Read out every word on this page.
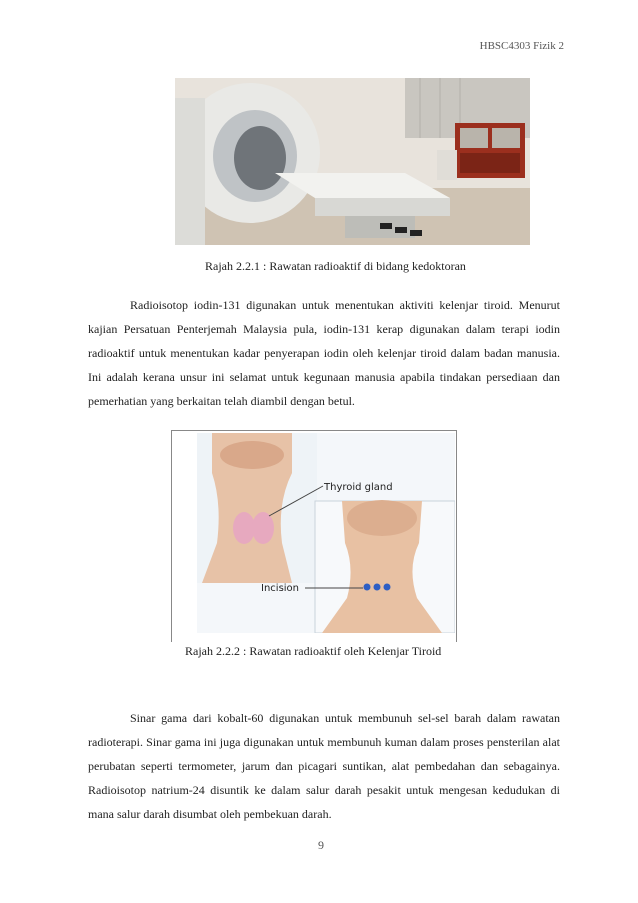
HBSC4303 Fizik 2
Rajah 2.2.1 : Rawatan radioaktif di bidang kedoktoran

Radioisotop iodin-131 digunakan untuk menentukan aktiviti kelenjar tiroid. Menurut kajian Persatuan Penterjemah Malaysia pula, iodin-131 kerap digunakan dalam terapi iodin radioaktif untuk menentukan kadar penyerapan iodin oleh kelenjar tiroid dalam badan manusia. Ini adalah kerana unsur ini selamat untuk kegunaan manusia apabila tindakan persediaan dan pemerhatian yang berkaitan telah diambil dengan betul.

Thyroid gland
Incision
Rajah 2.2.2 : Rawatan radioaktif oleh Kelenjar Tiroid

Sinar gama dari kobalt-60 digunakan untuk membunuh sel-sel barah dalam rawatan radioterapi. Sinar gama ini juga digunakan untuk membunuh kuman dalam proses pensterilan alat perubatan seperti termometer, jarum dan picagari suntikan, alat pembedahan dan sebagainya. Radioisotop natrium-24 disuntik ke dalam salur darah pesakit untuk mengesan kedudukan di mana salur darah disumbat oleh pembekuan darah.

9
